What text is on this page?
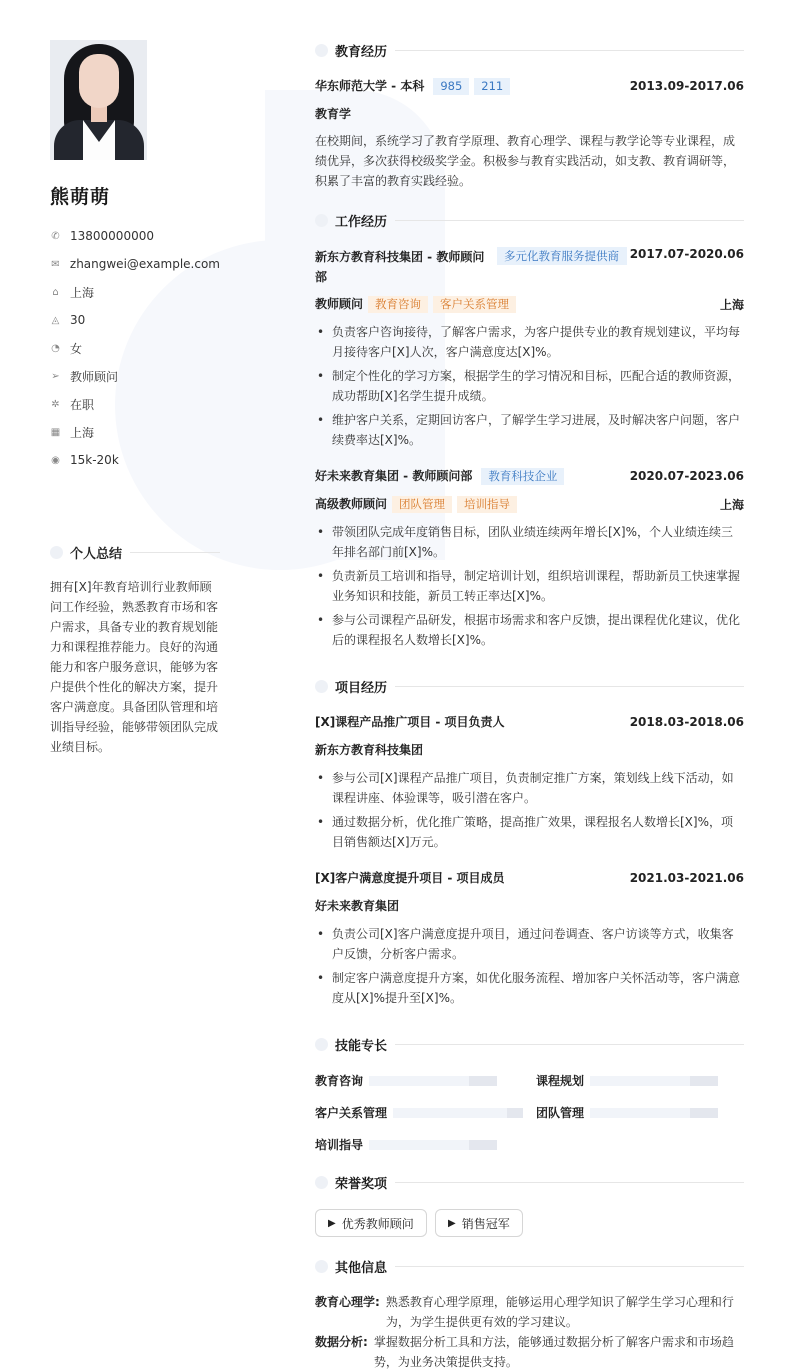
熊萌萌
✆ 13800000000
✉ zhangwei@example.com
⌂ 上海
◬ 30
◔ 女
➢ 教师顾问
✲ 在职
▦ 上海
◉ 15k-20k
个人总结
拥有[X]年教育培训行业教师顾问工作经验，熟悉教育市场和客户需求，具备专业的教育规划能力和课程推荐能力。良好的沟通能力和客户服务意识，能够为客户提供个性化的解决方案，提升客户满意度。具备团队管理和培训指导经验，能够带领团队完成业绩目标。
教育经历
华东师范大学 - 本科 985 211	2013.09-2017.06
教育学
在校期间，系统学习了教育学原理、教育心理学、课程与教学论等专业课程，成绩优异，多次获得校级奖学金。积极参与教育实践活动，如支教、教育调研等，积累了丰富的教育实践经验。
工作经历
新东方教育科技集团 - 教师顾问部
多元化教育服务提供商 2017.07-2020.06
教师顾问 教育咨询 客户关系管理	上海
• 负责客户咨询接待，了解客户需求，为客户提供专业的教育规划建议，平均每月接待客户[X]人次，客户满意度达[X]%。
• 制定个性化的学习方案，根据学生的学习情况和目标，匹配合适的教师资源，成功帮助[X]名学生提升成绩。
• 维护客户关系，定期回访客户，了解学生学习进展，及时解决客户问题，客户续费率达[X]%。
好未来教育集团 - 教师顾问部 教育科技企业	2020.07-2023.06
高级教师顾问 团队管理 培训指导	上海
• 带领团队完成年度销售目标，团队业绩连续两年增长[X]%，个人业绩连续三年排名部门前[X]%。
• 负责新员工培训和指导，制定培训计划，组织培训课程，帮助新员工快速掌握业务知识和技能，新员工转正率达[X]%。
• 参与公司课程产品研发，根据市场需求和客户反馈，提出课程优化建议，优化后的课程报名人数增长[X]%。
项目经历
[X]课程产品推广项目 - 项目负责人	2018.03-2018.06
新东方教育科技集团
• 参与公司[X]课程产品推广项目，负责制定推广方案，策划线上线下活动，如课程讲座、体验课等，吸引潜在客户。
• 通过数据分析，优化推广策略，提高推广效果，课程报名人数增长[X]%，项目销售额达[X]万元。
[X]客户满意度提升项目 - 项目成员	2021.03-2021.06
好未来教育集团
• 负责公司[X]客户满意度提升项目，通过问卷调查、客户访谈等方式，收集客户反馈，分析客户需求。
• 制定客户满意度提升方案，如优化服务流程、增加客户关怀活动等，客户满意度从[X]%提升至[X]%。
技能专长
教育咨询	课程规划
客户关系管理	团队管理
培训指导
荣誉奖项
▶ 优秀教师顾问	▶ 销售冠军
其他信息
教育心理学: 熟悉教育心理学原理，能够运用心理学知识了解学生学习心理和行为，为学生提供更有效的学习建议。
数据分析: 掌握数据分析工具和方法，能够通过数据分析了解客户需求和市场趋势，为业务决策提供支持。
